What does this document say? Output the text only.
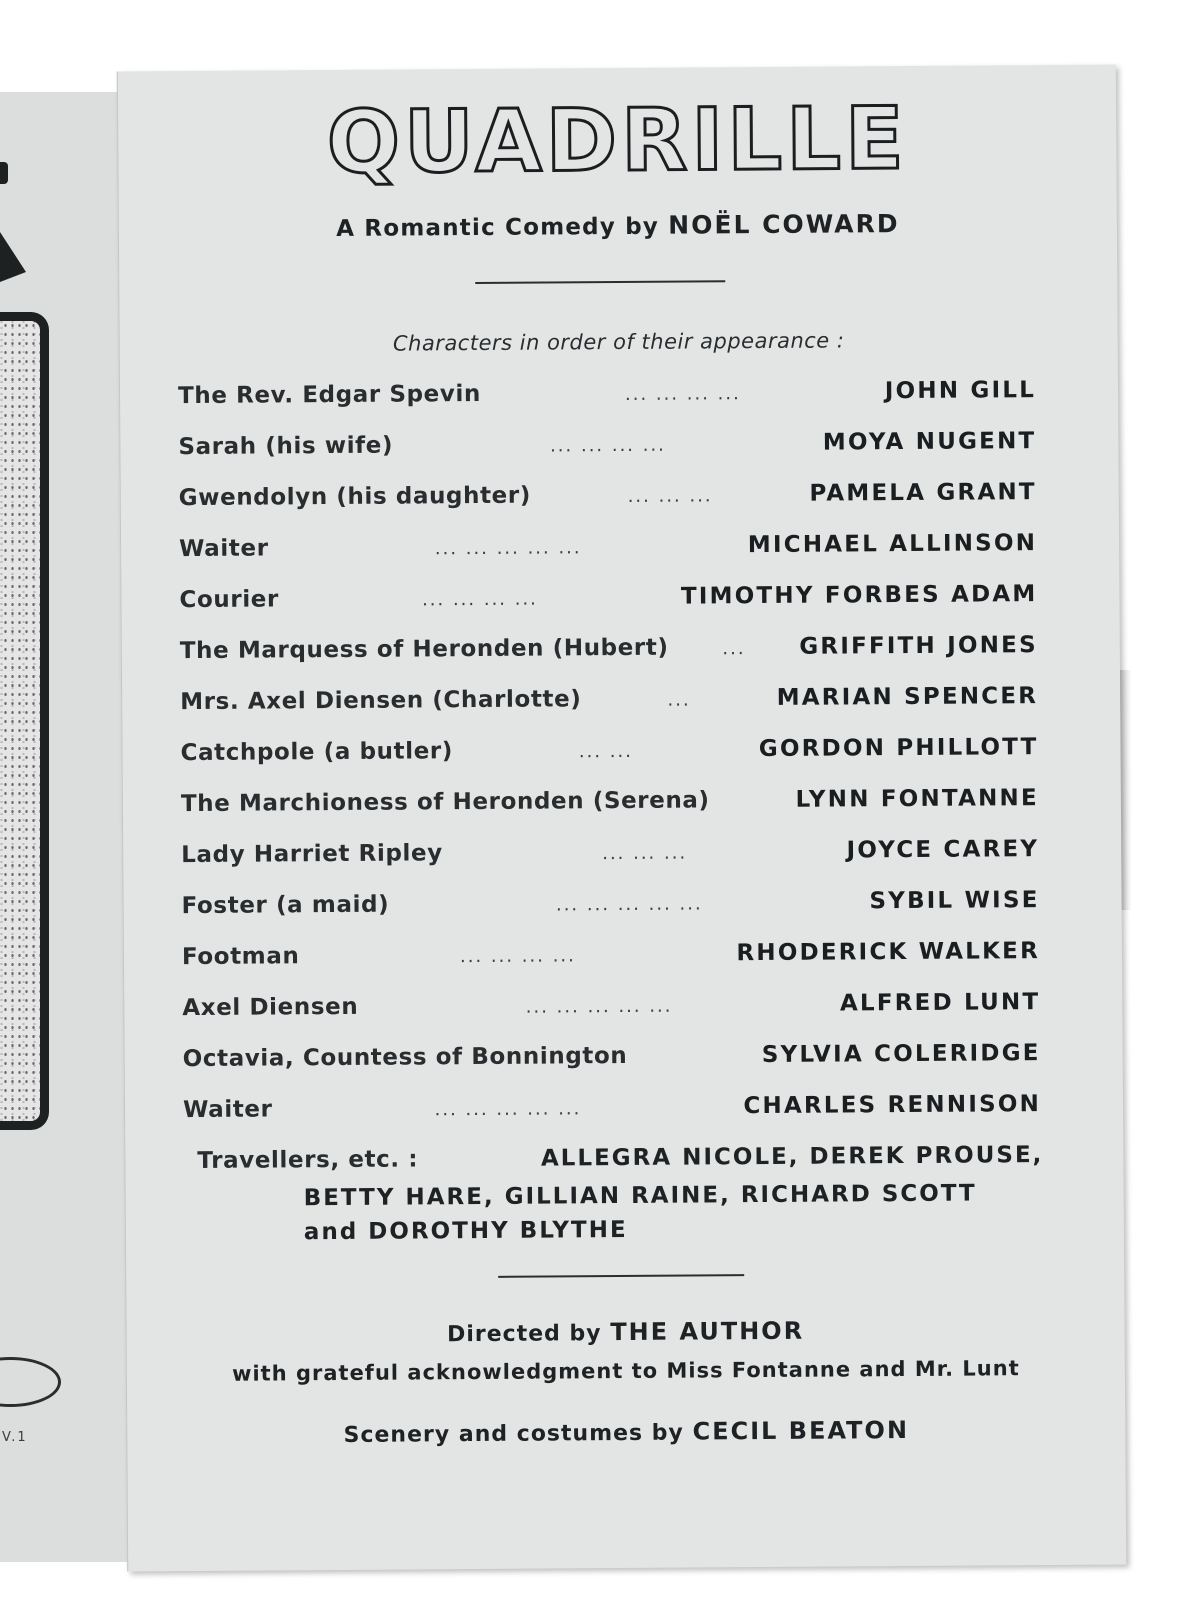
V.1
QUADRILLE
A Romantic Comedy by NOËL COWARD
Characters in order of their appearance :
The Rev. Edgar Spevin	... ... ... ...	JOHN GILL
Sarah (his wife)	... ... ... ...	MOYA NUGENT
Gwendolyn (his daughter)	... ... ...	PAMELA GRANT
Waiter	... ... ... ... ...	MICHAEL ALLINSON
Courier	... ... ... ...	TIMOTHY FORBES ADAM
The Marquess of Heronden (Hubert)	...	GRIFFITH JONES
Mrs. Axel Diensen (Charlotte)	...	MARIAN SPENCER
Catchpole (a butler)	... ...	GORDON PHILLOTT
The Marchioness of Heronden (Serena)	LYNN FONTANNE
Lady Harriet Ripley	... ... ...	JOYCE CAREY
Foster (a maid)	... ... ... ... ...	SYBIL WISE
Footman	... ... ... ...	RHODERICK WALKER
Axel Diensen	... ... ... ... ...	ALFRED LUNT
Octavia, Countess of Bonnington	SYLVIA COLERIDGE
Waiter	... ... ... ... ...	CHARLES RENNISON
Travellers, etc. :	ALLEGRA NICOLE, DEREK PROUSE,
BETTY HARE, GILLIAN RAINE, RICHARD SCOTT
and DOROTHY BLYTHE
Directed by THE AUTHOR
with grateful acknowledgment to Miss Fontanne and Mr. Lunt
Scenery and costumes by CECIL BEATON
